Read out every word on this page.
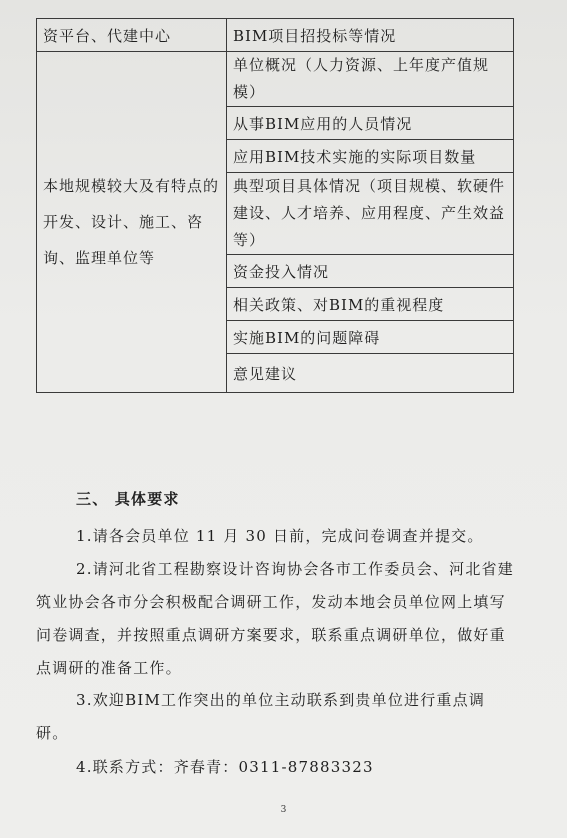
资平台、代建中心	BIM项目招投标等情况
本地规模较大及有特点的开发、设计、施工、咨询、监理单位等	单位概况（人力资源、上年度产值规模）
	从事BIM应用的人员情况
	应用BIM技术实施的实际项目数量
	典型项目具体情况（项目规模、软硬件建设、人才培养、应用程度、产生效益等）
	资金投入情况
	相关政策、对BIM的重视程度
	实施BIM的问题障碍
	意见建议
三、 具体要求
1.请各会员单位 11 月 30 日前，完成问卷调查并提交。
2.请河北省工程勘察设计咨询协会各市工作委员会、河北省建筑业协会各市分会积极配合调研工作，发动本地会员单位网上填写问卷调查，并按照重点调研方案要求，联系重点调研单位，做好重点调研的准备工作。
3.欢迎BIM工作突出的单位主动联系到贵单位进行重点调研。
4.联系方式：齐春青：0311-87883323
3
